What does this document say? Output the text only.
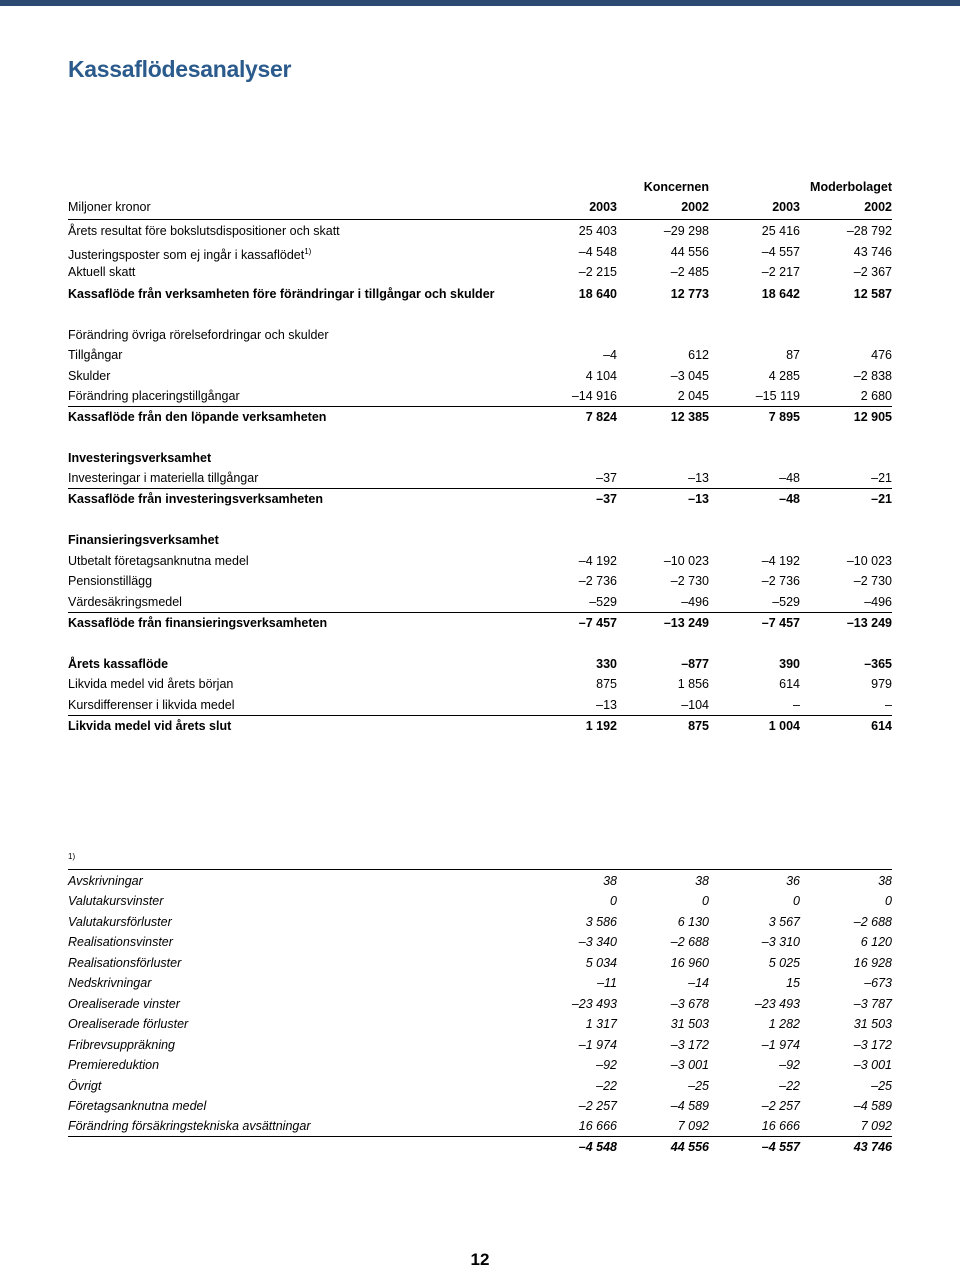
Kassaflödesanalyser
Koncernen	Moderbolaget
Miljoner kronor	2003	2002	2003	2002
Årets resultat före bokslutsdispositioner och skatt	25 403	–29 298	25 416	–28 792
Justeringsposter som ej ingår i kassaflödet$^{1)}$	–4 548	44 556	–4 557	43 746
Aktuell skatt	–2 215	–2 485	–2 217	–2 367
Kassaflöde från verksamheten före förändringar i tillgångar och skulder	18 640	12 773	18 642	12 587
Förändring övriga rörelsefordringar och skulder
Tillgångar	–4	612	87	476
Skulder	4 104	–3 045	4 285	–2 838
Förändring placeringstillgångar	–14 916	2 045	–15 119	2 680
Kassaflöde från den löpande verksamheten	7 824	12 385	7 895	12 905
Investeringsverksamhet
Investeringar i materiella tillgångar	–37	–13	–48	–21
Kassaflöde från investeringsverksamheten	–37	–13	–48	–21
Finansieringsverksamhet
Utbetalt företagsanknutna medel	–4 192	–10 023	–4 192	–10 023
Pensionstillägg	–2 736	–2 730	–2 736	–2 730
Värdesäkringsmedel	–529	–496	–529	–496
Kassaflöde från finansieringsverksamheten	–7 457	–13 249	–7 457	–13 249
Årets kassaflöde	330	–877	390	–365
Likvida medel vid årets början	875	1 856	614	979
Kursdifferenser i likvida medel	–13	–104	–	–
Likvida medel vid årets slut	1 192	875	1 004	614
1)
Avskrivningar	38	38	36	38
Valutakursvinster	0	0	0	0
Valutakursförluster	3 586	6 130	3 567	–2 688
Realisationsvinster	–3 340	–2 688	–3 310	6 120
Realisationsförluster	5 034	16 960	5 025	16 928
Nedskrivningar	–11	–14	15	–673
Orealiserade vinster	–23 493	–3 678	–23 493	–3 787
Orealiserade förluster	1 317	31 503	1 282	31 503
Fribrevsuppräkning	–1 974	–3 172	–1 974	–3 172
Premiereduktion	–92	–3 001	–92	–3 001
Övrigt	–22	–25	–22	–25
Företagsanknutna medel	–2 257	–4 589	–2 257	–4 589
Förändring försäkringstekniska avsättningar	16 666	7 092	16 666	7 092
–4 548	44 556	–4 557	43 746
12
